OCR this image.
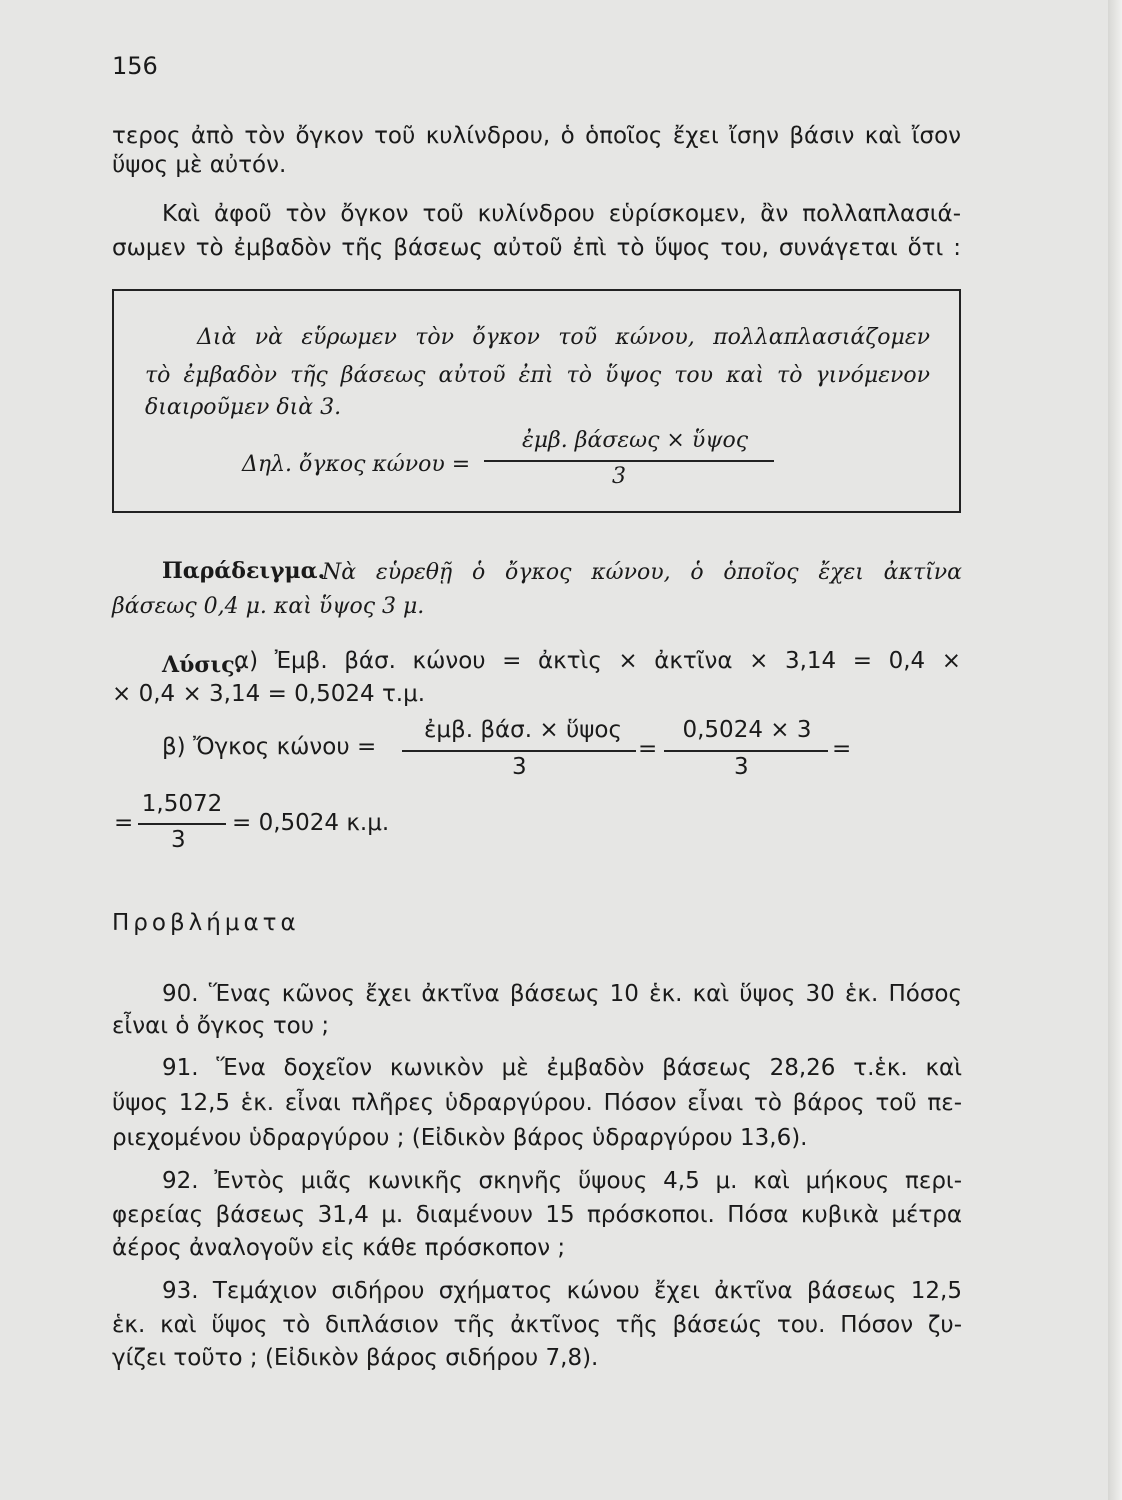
156
τερος ἀπὸ τὸν ὄγκον τοῦ κυλίνδρου, ὁ ὁποῖος ἔχει ἴσην βάσιν καὶ ἴσον
ὕψος μὲ αὐτόν.
Καὶ ἀφοῦ τὸν ὄγκον τοῦ κυλίνδρου εὑρίσκομεν, ἂν πολλαπλασιά-
σωμεν τὸ ἐμβαδὸν τῆς βάσεως αὐτοῦ ἐπὶ τὸ ὕψος του, συνάγεται ὅτι :
Διὰ νὰ εὕρωμεν τὸν ὄγκον τοῦ κώνου, πολλαπλασιάζομεν
τὸ ἐμβαδὸν τῆς βάσεως αὐτοῦ ἐπὶ τὸ ὕψος του καὶ τὸ γινόμενον
διαιροῦμεν διὰ 3.
Δηλ. ὄγκος κώνου =
ἐμβ. βάσεως × ὕψος
3
Παράδειγμα.
Νὰ εὑρεθῇ ὁ ὄγκος κώνου, ὁ ὁποῖος ἔχει ἀκτῖνα
βάσεως 0,4 μ. καὶ ὕψος 3 μ.
Λύσις.
α) Ἐμβ. βάσ. κώνου = ἀκτὶς × ἀκτῖνα × 3,14 = 0,4 ×
× 0,4 × 3,14 = 0,5024 τ.μ.
β) Ὄγκος κώνου =
ἐμβ. βάσ. × ὕψος
3
=
0,5024 × 3
3
=
=
1,5072
3
= 0,5024 κ.μ.
Προβλήματα
90. Ἕνας κῶνος ἔχει ἀκτῖνα βάσεως 10 ἑκ. καὶ ὕψος 30 ἑκ. Πόσος
εἶναι ὁ ὄγκος του ;
91. Ἕνα δοχεῖον κωνικὸν μὲ ἐμβαδὸν βάσεως 28,26 τ.ἑκ. καὶ
ὕψος 12,5 ἑκ. εἶναι πλῆρες ὑδραργύρου. Πόσον εἶναι τὸ βάρος τοῦ πε-
ριεχομένου ὑδραργύρου ; (Εἰδικὸν βάρος ὑδραργύρου 13,6).
92. Ἐντὸς μιᾶς κωνικῆς σκηνῆς ὕψους 4,5 μ. καὶ μήκους περι-
φερείας βάσεως 31,4 μ. διαμένουν 15 πρόσκοποι. Πόσα κυβικὰ μέτρα
ἀέρος ἀναλογοῦν εἰς κάθε πρόσκοπον ;
93. Τεμάχιον σιδήρου σχήματος κώνου ἔχει ἀκτῖνα βάσεως 12,5
ἑκ. καὶ ὕψος τὸ διπλάσιον τῆς ἀκτῖνος τῆς βάσεώς του. Πόσον ζυ-
γίζει τοῦτο ; (Εἰδικὸν βάρος σιδήρου 7,8).
